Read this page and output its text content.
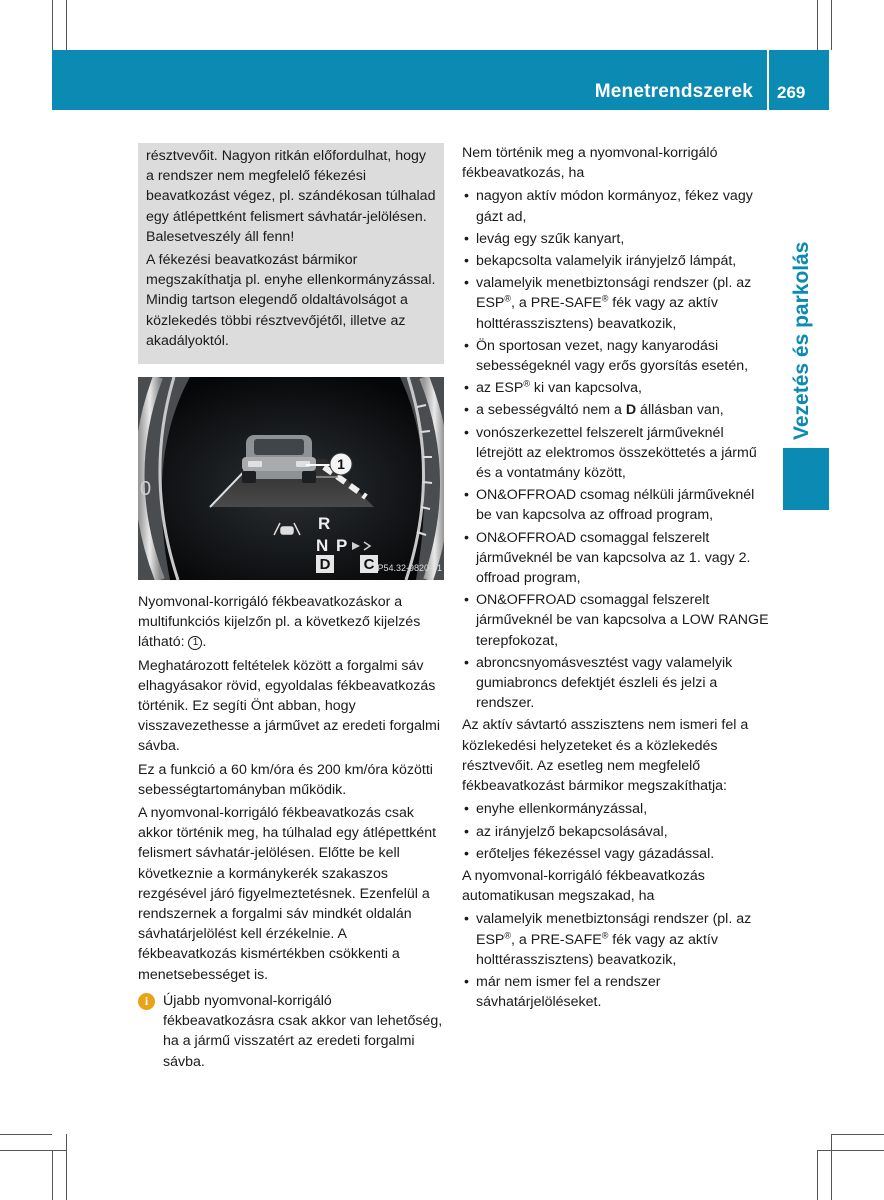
Menetrendszerek 269
Vezetés és parkolás

résztvevőit. Nagyon ritkán előfordulhat, hogy a rendszer nem megfelelő fékezési beavatkozást végez, pl. szándékosan túlhalad egy átlépettként felismert sávhatár-jelölésen. Balesetveszély áll fenn!

A fékezési beavatkozást bármikor megszakíthatja pl. enyhe ellenkormányzással. Mindig tartson elegendő oldaltávolságot a közlekedés többi résztvevőjétől, illetve az akadályoktól.

0
1
R
N P
D C P54.32-9820-31

Nyomvonal-korrigáló fékbeavatkozáskor a multifunkciós kijelzőn pl. a következő kijelzés látható: 1 .

Meghatározott feltételek között a forgalmi sáv elhagyásakor rövid, egyoldalas fékbeavatkozás történik. Ez segíti Önt abban, hogy visszavezethesse a járművet az eredeti forgalmi sávba.

Ez a funkció a 60 km/óra és 200 km/óra közötti sebességtartományban működik.

A nyomvonal-korrigáló fékbeavatkozás csak akkor történik meg, ha túlhalad egy átlépettként felismert sávhatár-jelölésen. Előtte be kell következnie a kormánykerék szakaszos rezgésével járó figyelmeztetésnek. Ezenfelül a rendszernek a forgalmi sáv mindkét oldalán sávhatárjelölést kell érzékelnie. A fékbeavatkozás kismértékben csökkenti a menetsebességet is.

i	Újabb nyomvonal-korrigáló fékbeavatkozásra csak akkor van lehetőség, ha a jármű visszatért az eredeti forgalmi sávba.

Nem történik meg a nyomvonal-korrigáló fékbeavatkozás, ha

• nagyon aktív módon kormányoz, fékez vagy gázt ad,
• levág egy szűk kanyart,
• bekapcsolta valamelyik irányjelző lámpát,
• valamelyik menetbiztonsági rendszer (pl. az ESP®, a PRE-SAFE® fék vagy az aktív holttérasszisztens) beavatkozik,
• Ön sportosan vezet, nagy kanyarodási sebességeknél vagy erős gyorsítás esetén,
• az ESP® ki van kapcsolva,
• a sebességváltó nem a D állásban van,
• vonószerkezettel felszerelt járműveknél létrejött az elektromos összeköttetés a jármű és a vontatmány között,
• ON&OFFROAD csomag nélküli járműveknél be van kapcsolva az offroad program,
• ON&OFFROAD csomaggal felszerelt járműveknél be van kapcsolva az 1. vagy 2. offroad program,
• ON&OFFROAD csomaggal felszerelt járműveknél be van kapcsolva a LOW RANGE terepfokozat,
• abroncsnyomásvesztést vagy valamelyik gumiabroncs defektjét észleli és jelzi a rendszer.

Az aktív sávtartó asszisztens nem ismeri fel a közlekedési helyzeteket és a közlekedés résztvevőit. Az esetleg nem megfelelő fékbeavatkozást bármikor megszakíthatja:

• enyhe ellenkormányzással,
• az irányjelző bekapcsolásával,
• erőteljes fékezéssel vagy gázadással.

A nyomvonal-korrigáló fékbeavatkozás automatikusan megszakad, ha

• valamelyik menetbiztonsági rendszer (pl. az ESP®, a PRE-SAFE® fék vagy az aktív holttérasszisztens) beavatkozik,
• már nem ismer fel a rendszer sávhatárjelöléseket.
